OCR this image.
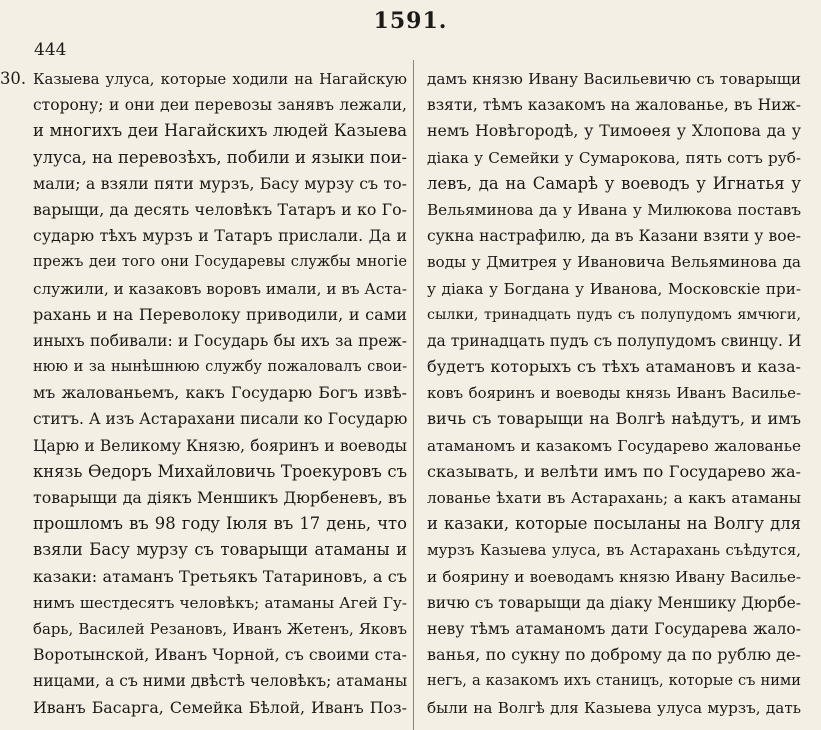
1591.
444
30. Казыева улуса, которые ходили на Нагайскую
сторону; и они деи перевозы занявъ лежали,
и многихъ деи Нагайскихъ людей Казыева
улуса, на перевозѣхъ, побили и языки пои-
мали; а взяли пяти мурзъ, Басу мурзу съ то-
варыщи, да десять человѣкъ Татаръ и ко Го-
сударю тѣхъ мурзъ и Татаръ прислали. Да и
прежъ деи того они Государевы службы многiе
служили, и казаковъ воровъ имали, и въ Аста-
рахань и на Переволоку приводили, и сами
иныхъ побивали: и Государь бы ихъ за преж-
нюю и за нынѣшнюю службу пожаловалъ свои-
мъ жалованьемъ, какъ Государю Богъ извѣ-
ститъ. А изъ Астарахани писали ко Государю
Царю и Великому Князю, бояринъ и воеводы
князь Өедоръ Михайловичь Троекуровъ съ
товарыщи да дiякъ Меншикъ Дюрбеневъ, въ
прошломъ въ 98 году Iюля въ 17 день, что
взяли Басу мурзу съ товарыщи атаманы и
казаки: атаманъ Третьякъ Татариновъ, а съ
нимъ шестдесятъ человѣкъ; атаманы Агей Гу-
барь, Василей Резановъ, Иванъ Жетенъ, Яковъ
Воротынской, Иванъ Чорной, съ своими ста-
ницами, а съ ними двѣстѣ человѣкъ; атаманы
Иванъ Басарга, Семейка Бѣлой, Иванъ Поз-
дамъ князю Ивану Васильевичю съ товарыщи
взяти, тѣмъ казакомъ на жалованье, въ Ниж-
немъ Новѣгородѣ, у Тимоөея у Хлопова да у
дiака у Семейки у Сумарокова, пять сотъ руб-
левъ, да на Самарѣ у воеводъ у Игнатья у
Вельяминова да у Ивана у Милюкова поставъ
сукна настрафилю, да въ Казани взяти у вое-
воды у Дмитрея у Ивановича Вельяминова да
у дiака у Богдана у Иванова, Московскiе при-
сылки, тринадцать пудъ съ полупудомъ ямчюги,
да тринадцать пудъ съ полупудомъ свинцу. И
будетъ которыхъ съ тѣхъ атамановъ и каза-
ковъ бояринъ и воеводы князь Иванъ Василье-
вичь съ товарыщи на Волгѣ наѣдутъ, и имъ
атаманомъ и казакомъ Государево жалованье
сказывать, и велѣти имъ по Государево жа-
лованье ѣхати въ Астарахань; а какъ атаманы
и казаки, которые посыланы на Волгу для
мурзъ Казыева улуса, въ Астарахань съѣдутся,
и боярину и воеводамъ князю Ивану Василье-
вичю съ товарыщи да дiаку Меншику Дюрбе-
неву тѣмъ атаманомъ дати Государева жало-
ванья, по сукну по доброму да по рублю де-
негъ, а казакомъ ихъ станицъ, которые съ ними
были на Волгѣ для Казыева улуса мурзъ, дать
